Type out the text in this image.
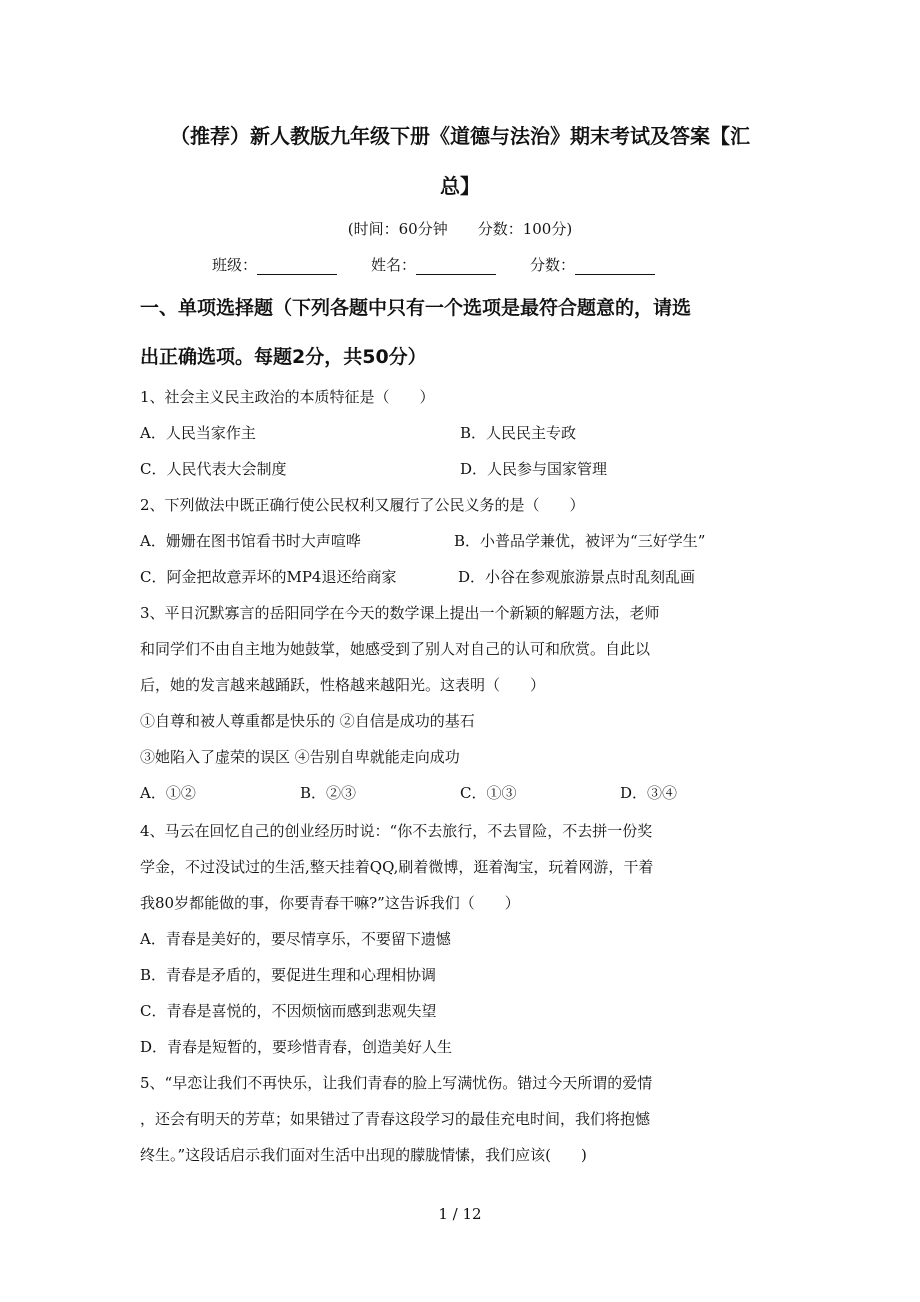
（推荐）新人教版九年级下册《道德与法治》期末考试及答案【汇
总】
(时间：60分钟　　分数：100分)
班级：	姓名：	分数：
一、单项选择题（下列各题中只有一个选项是最符合题意的，请选
出正确选项。每题2分，共50分）
1、社会主义民主政治的本质特征是（　　）
A．人民当家作主	B．人民民主专政
C．人民代表大会制度	D．人民参与国家管理
2、下列做法中既正确行使公民权利又履行了公民义务的是（　　）
A．姗姗在图书馆看书时大声喧哗	B．小普品学兼优，被评为“三好学生”
C．阿金把故意弄坏的MP4退还给商家	D．小谷在参观旅游景点时乱刻乱画
3、平日沉默寡言的岳阳同学在今天的数学课上提出一个新颖的解题方法，老师
和同学们不由自主地为她鼓掌，她感受到了别人对自己的认可和欣赏。自此以
后，她的发言越来越踊跃，性格越来越阳光。这表明（　　）
①自尊和被人尊重都是快乐的 ②自信是成功的基石
③她陷入了虚荣的误区 ④告别自卑就能走向成功
A．①②	B．②③	C．①③	D．③④
4、马云在回忆自己的创业经历时说：“你不去旅行，不去冒险，不去拼一份奖
学金，不过没试过的生活,整天挂着QQ,刷着微博，逛着淘宝，玩着网游，干着
我80岁都能做的事，你要青春干嘛?”这告诉我们（　　）
A．青春是美好的，要尽情享乐，不要留下遗憾
B．青春是矛盾的，要促进生理和心理相协调
C．青春是喜悦的，不因烦恼而感到悲观失望
D．青春是短暂的，要珍惜青春，创造美好人生
5、“早恋让我们不再快乐，让我们青春的脸上写满忧伤。错过今天所谓的爱情
，还会有明天的芳草；如果错过了青春这段学习的最佳充电时间，我们将抱憾
终生。”这段话启示我们面对生活中出现的朦胧情愫，我们应该(　　)
1 / 12
